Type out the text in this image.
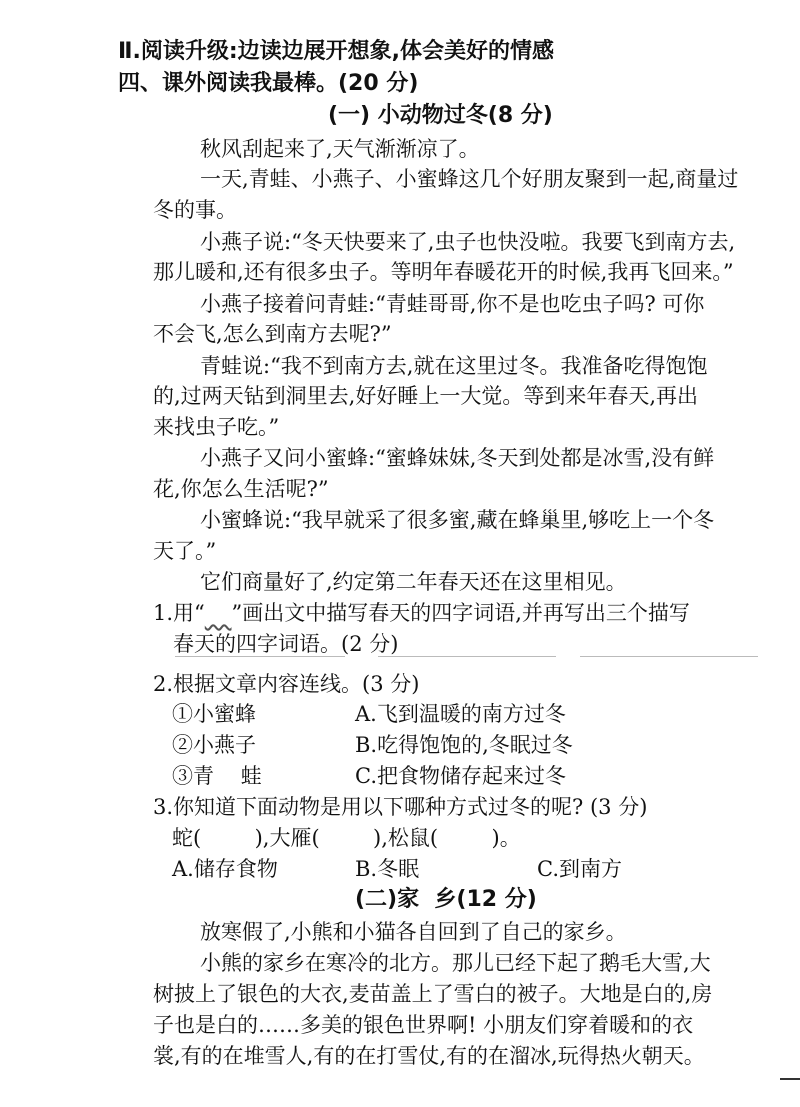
Ⅱ.阅读升级:边读边展开想象,体会美好的情感
四、课外阅读我最棒。(20 分)
(一) 小动物过冬(8 分)
秋风刮起来了,天气渐渐凉了。
一天,青蛙、小燕子、小蜜蜂这几个好朋友聚到一起,商量过
冬的事。
小燕子说:“冬天快要来了,虫子也快没啦。我要飞到南方去,
那儿暖和,还有很多虫子。等明年春暖花开的时候,我再飞回来。”
小燕子接着问青蛙:“青蛙哥哥,你不是也吃虫子吗? 可你
不会飞,怎么到南方去呢?”
青蛙说:“我不到南方去,就在这里过冬。我准备吃得饱饱
的,过两天钻到洞里去,好好睡上一大觉。等到来年春天,再出
来找虫子吃。”
小燕子又问小蜜蜂:“蜜蜂妹妹,冬天到处都是冰雪,没有鲜
花,你怎么生活呢?”
小蜜蜂说:“我早就采了很多蜜,藏在蜂巢里,够吃上一个冬
天了。”
它们商量好了,约定第二年春天还在这里相见。
1.用“ ”画出文中描写春天的四字词语,并再写出三个描写
春天的四字词语。(2 分)
2.根据文章内容连线。(3 分)
①小蜜蜂
②小燕子
③青    蛙
A.飞到温暖的南方过冬
B.吃得饱饱的,冬眠过冬
C.把食物储存起来过冬
3.你知道下面动物是用以下哪种方式过冬的呢? (3 分)
蛇(        ),大雁(        ),松鼠(        )。
A.储存食物	B.冬眠	C.到南方
(二)家  乡(12 分)
放寒假了,小熊和小猫各自回到了自己的家乡。
小熊的家乡在寒冷的北方。那儿已经下起了鹅毛大雪,大
树披上了银色的大衣,麦苗盖上了雪白的被子。大地是白的,房
子也是白的……多美的银色世界啊! 小朋友们穿着暖和的衣
裳,有的在堆雪人,有的在打雪仗,有的在溜冰,玩得热火朝天。
